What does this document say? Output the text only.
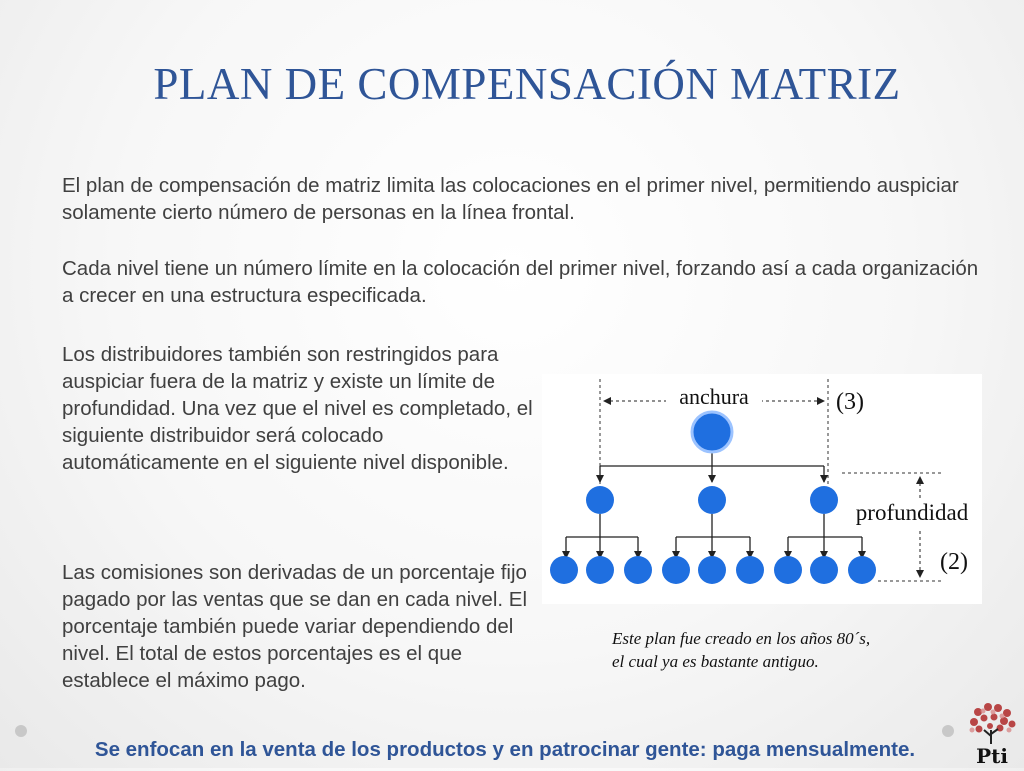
PLAN DE COMPENSACIÓN MATRIZ

El plan de compensación de matriz limita las colocaciones en el primer nivel, permitiendo auspiciar solamente cierto número de personas en la línea frontal.

Cada nivel tiene un número límite en la colocación del primer nivel, forzando así a cada organización a crecer en una estructura especificada.

Los distribuidores también son restringidos para auspiciar fuera de la matriz y existe un límite de profundidad. Una vez que el nivel es completado, el siguiente distribuidor será colocado automáticamente en el siguiente nivel disponible.

Las comisiones son derivadas de un porcentaje fijo pagado por las ventas que se dan en cada nivel. El porcentaje también puede variar dependiendo del nivel. El total de estos porcentajes es el que establece el máximo pago.

anchura	(3)
profundidad
(2)
Este plan fue creado en los años 80´s,
el cual ya es bastante antiguo.

Se enfocan en la venta de los productos y en patrocinar gente: paga mensualmente.	Pti
